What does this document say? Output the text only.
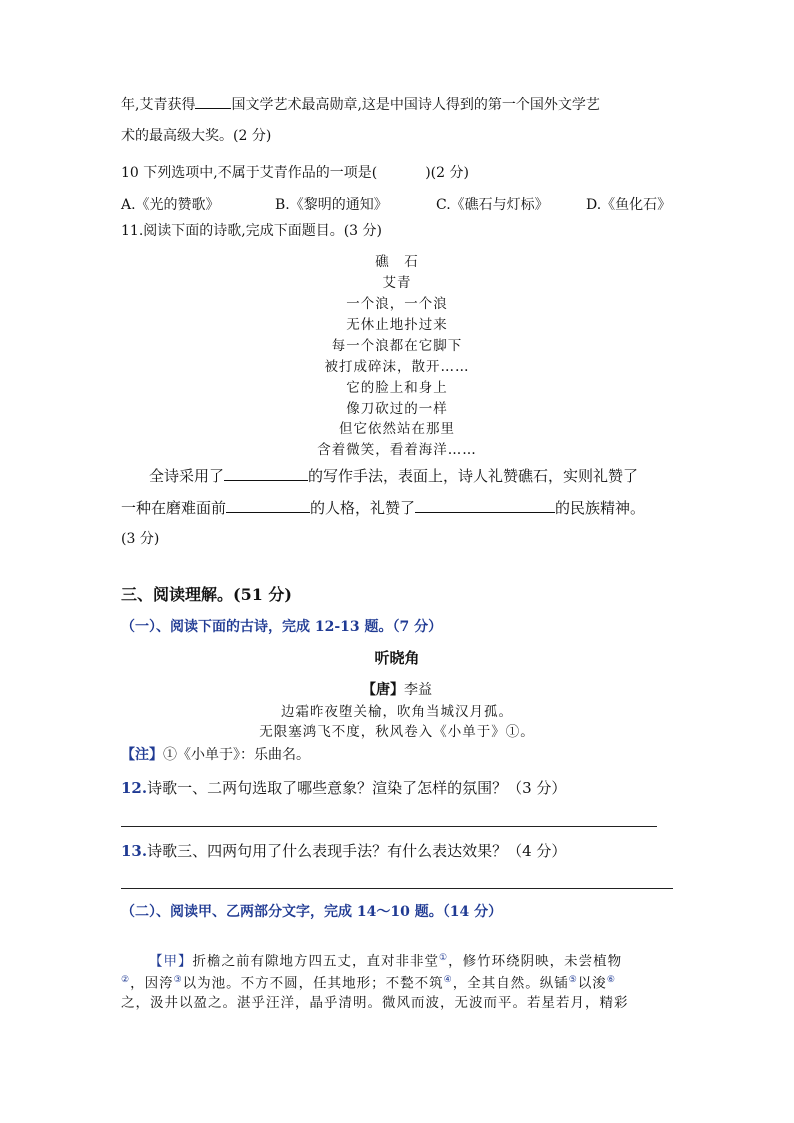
年,艾青获得	国文学艺术最高勋章,这是中国诗人得到的第一个国外文学艺
术的最高级大奖。(2 分)
10 下列选项中,不属于艾青作品的一项是(	)(2 分)
A.《光的赞歌》	B.《黎明的通知》	C.《礁石与灯标》	D.《鱼化石》
11.阅读下面的诗歌,完成下面题目。(3 分)
礁　石
艾青
一个浪，一个浪
无休止地扑过来
每一个浪都在它脚下
被打成碎沫，散开……
它的脸上和身上
像刀砍过的一样
但它依然站在那里
含着微笑，看着海洋……
全诗采用了	的写作手法，表面上，诗人礼赞礁石，实则礼赞了
一种在磨难面前	的人格，礼赞了	的民族精神。
(3 分)
三、阅读理解。(51 分)
（一）、阅读下面的古诗，完成 12-13 题。（7 分）
听晓角
【唐】李益
边霜昨夜堕关榆，吹角当城汉月孤。
无限塞鸿飞不度，秋风卷入《小单于》①。
【注】①《小单于》：乐曲名。
12.诗歌一、二两句选取了哪些意象？渲染了怎样的氛围？（3 分）
13.诗歌三、四两句用了什么表现手法？有什么表达效果？（4 分）
（二）、阅读甲、乙两部分文字，完成 14～10 题。（14 分）
【甲】折檐之前有隙地方四五丈，直对非非堂①，修竹环绕阴映，未尝植物
②，因洿③以为池。不方不圆，任其地形；不甃不筑④，全其自然。纵锸⑤以浚⑥
之，汲井以盈之。湛乎汪洋，晶乎清明。微风而波，无波而平。若星若月，精彩
